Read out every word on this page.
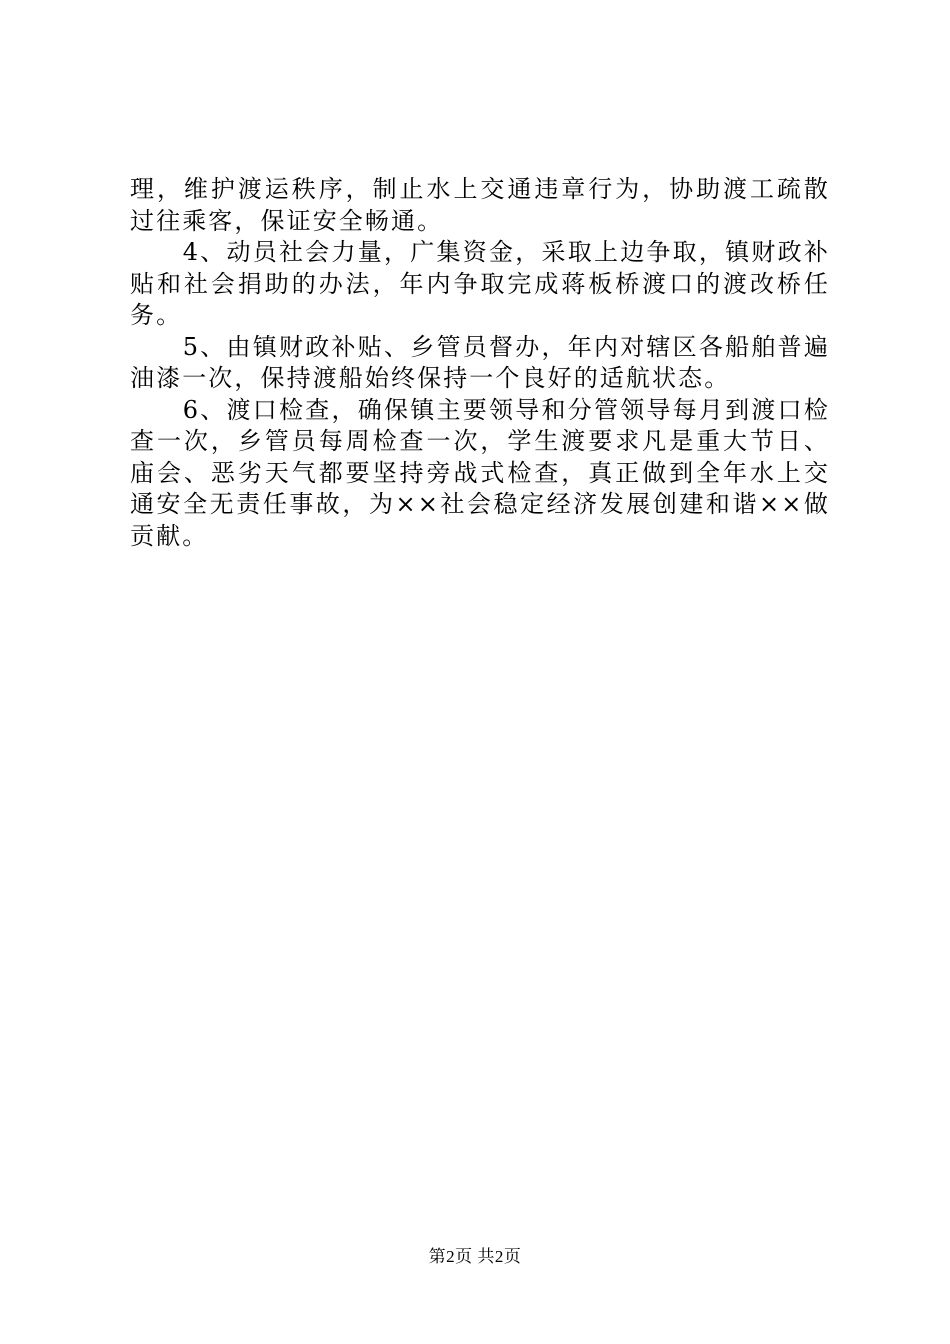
理，维护渡运秩序，制止水上交通违章行为，协助渡工疏散过往乘客，保证安全畅通。

4、动员社会力量，广集资金，采取上边争取，镇财政补贴和社会捐助的办法，年内争取完成蒋板桥渡口的渡改桥任务。

5、由镇财政补贴、乡管员督办，年内对辖区各船舶普遍油漆一次，保持渡船始终保持一个良好的适航状态。

6、渡口检查，确保镇主要领导和分管领导每月到渡口检查一次，乡管员每周检查一次，学生渡要求凡是重大节日、庙会、恶劣天气都要坚持旁战式检查，真正做到全年水上交通安全无责任事故，为××社会稳定经济发展创建和谐××做贡献。

第2页 共2页
